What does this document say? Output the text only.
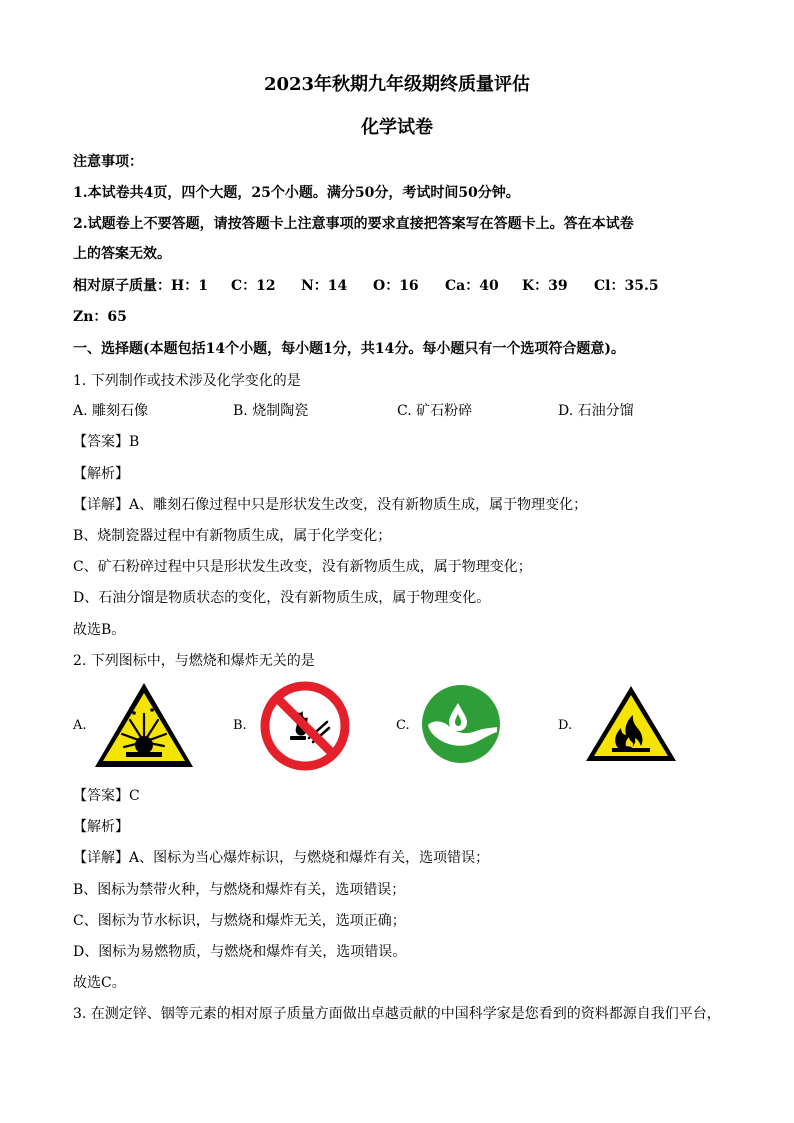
2023年秋期九年级期终质量评估
化学试卷
注意事项：
1.本试卷共4页，四个大题，25个小题。满分50分，考试时间50分钟。
2.试题卷上不要答题，请按答题卡上注意事项的要求直接把答案写在答题卡上。答在本试卷
上的答案无效。
相对原子质量：H：1 C：12 N：14 O：16 Ca：40 K：39 Cl：35.5
Zn：65
一、选择题(本题包括14个小题，每小题1分，共14分。每小题只有一个选项符合题意)。
1. 下列制作或技术涉及化学变化的是
A. 雕刻石像	B. 烧制陶瓷	C. 矿石粉碎	D. 石油分馏
【答案】B
【解析】
【详解】A、雕刻石像过程中只是形状发生改变，没有新物质生成，属于物理变化；
B、烧制瓷器过程中有新物质生成，属于化学变化；
C、矿石粉碎过程中只是形状发生改变，没有新物质生成，属于物理变化；
D、石油分馏是物质状态的变化，没有新物质生成，属于物理变化。
故选B。
2. 下列图标中，与燃烧和爆炸无关的是
A.	B.	C.	D.
【答案】C
【解析】
【详解】A、图标为当心爆炸标识，与燃烧和爆炸有关，选项错误；
B、图标为禁带火种，与燃烧和爆炸有关，选项错误；
C、图标为节水标识，与燃烧和爆炸无关，选项正确；
D、图标为易燃物质，与燃烧和爆炸有关，选项错误。
故选C。
3. 在测定锌、铟等元素的相对原子质量方面做出卓越贡献的中国科学家是您看到的资料都源自我们平台，
